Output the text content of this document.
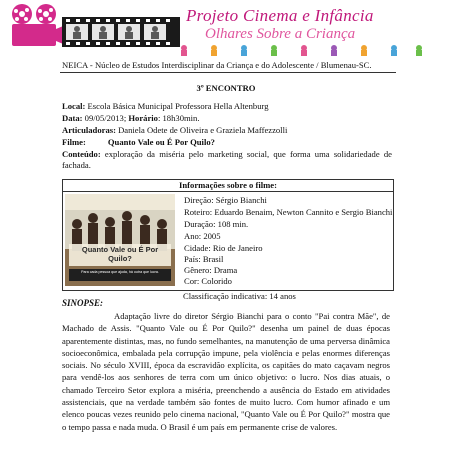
Projeto Cinema e Infância
Olhares Sobre a Criança
NEICA - Núcleo de Estudos Interdisciplinar da Criança e do Adolescente / Blumenau-SC.
3º ENCONTRO
Local: Escola Básica Municipal Professora Hella Altenburg
Data: 09/05/2013; Horário: 18h30min.
Articuladoras: Daniela Odete de Oliveira e Graziela Maffezzolli
Filme:	Quanto Vale ou É Por Quilo?
Conteúdo: exploração da miséria pelo marketing social, que forma uma solidariedade de fachada.
Informações sobre o filme:
Quanto Vale ou É Por Quilo?
Para cada pessoa que ajuda, há outra que lucra.
Direção: Sérgio Bianchi
Roteiro: Eduardo Benaim, Newton Cannito e Sergio Bianchi
Duração: 108 min.
Ano: 2005
Cidade: Rio de Janeiro
País: Brasil
Gênero: Drama
Cor: Colorido
Classificação indicativa: 14 anos
SINOPSE:
Adaptação livre do diretor Sérgio Bianchi para o conto "Pai contra Mãe", de Machado de Assis. "Quanto Vale ou É Por Quilo?" desenha um painel de duas épocas aparentemente distintas, mas, no fundo semelhantes, na manutenção de uma perversa dinâmica socioeconômica, embalada pela corrupção impune, pela violência e pelas enormes diferenças sociais. No século XVIII, época da escravidão explícita, os capitães do mato caçavam negros para vendê-los aos senhores de terra com um único objetivo: o lucro. Nos dias atuais, o chamado Terceiro Setor explora a miséria, preenchendo a ausência do Estado em atividades assistenciais, que na verdade também são fontes de muito lucro. Com humor afinado e um elenco poucas vezes reunido pelo cinema nacional, "Quanto Vale ou É Por Quilo?" mostra que o tempo passa e nada muda. O Brasil é um país em permanente crise de valores.
